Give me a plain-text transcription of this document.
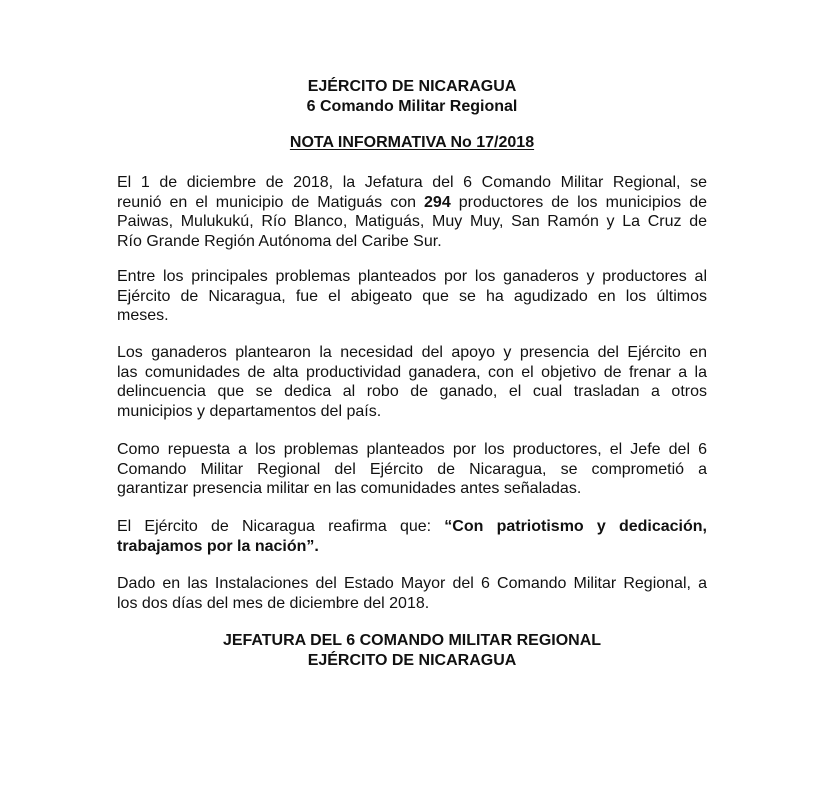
EJÉRCITO DE NICARAGUA
6 Comando Militar Regional
NOTA INFORMATIVA No 17/2018
El 1 de diciembre de 2018, la Jefatura del 6 Comando Militar Regional, se
reunió en el municipio de Matiguás con 294 productores de los municipios de
Paiwas, Mulukukú, Río Blanco, Matiguás, Muy Muy, San Ramón y La Cruz de
Río Grande Región Autónoma del Caribe Sur.
Entre los principales problemas planteados por los ganaderos y productores al
Ejército de Nicaragua, fue el abigeato que se ha agudizado en los últimos
meses.
Los ganaderos plantearon la necesidad del apoyo y presencia del Ejército en
las comunidades de alta productividad ganadera, con el objetivo de frenar a la
delincuencia que se dedica al robo de ganado, el cual trasladan a otros
municipios y departamentos del país.
Como repuesta a los problemas planteados por los productores, el Jefe del 6
Comando Militar Regional del Ejército de Nicaragua, se comprometió a
garantizar presencia militar en las comunidades antes señaladas.
El Ejército de Nicaragua reafirma que: “Con patriotismo y dedicación,
trabajamos por la nación”.
Dado en las Instalaciones del Estado Mayor del 6 Comando Militar Regional, a
los dos días del mes de diciembre del 2018.
JEFATURA DEL 6 COMANDO MILITAR REGIONAL
EJÉRCITO DE NICARAGUA
